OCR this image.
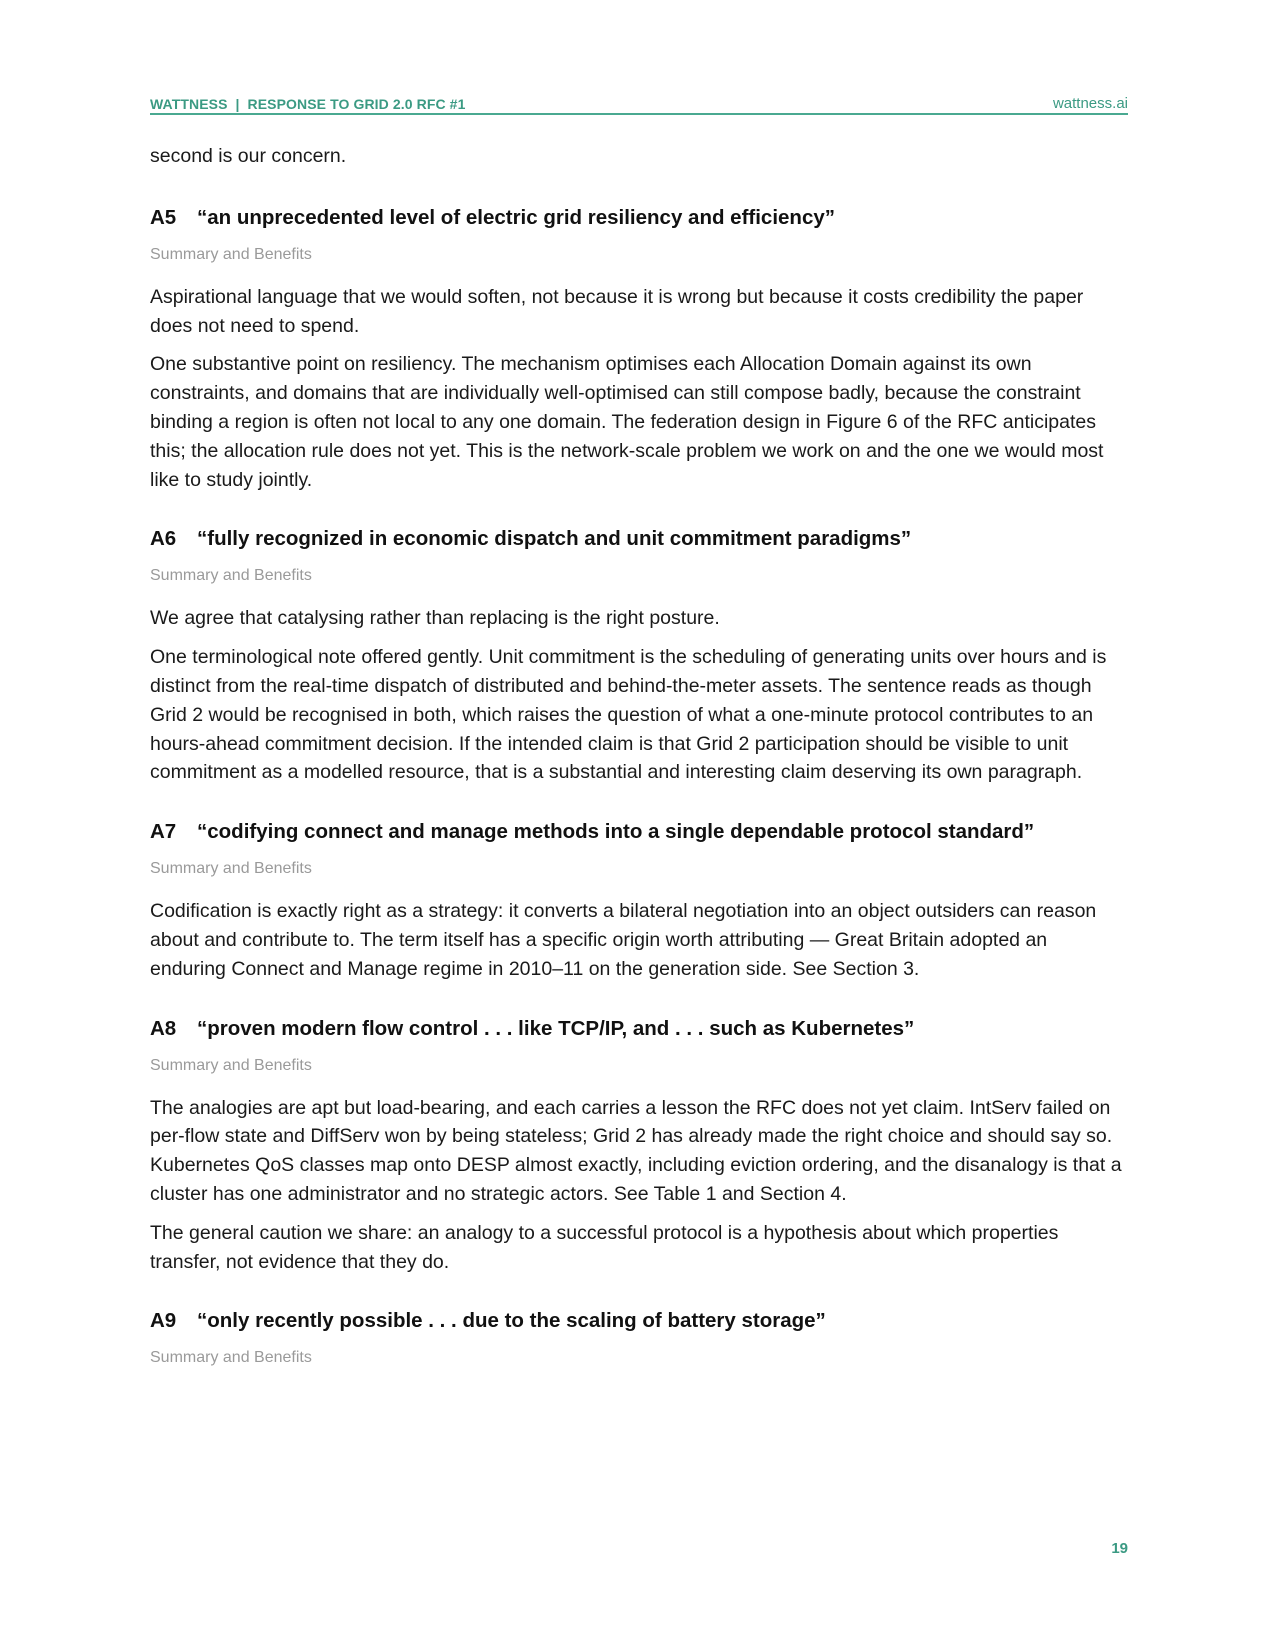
WATTNESS  |  RESPONSE TO GRID 2.0 RFC #1	wattness.ai

second is our concern.

A5	“an unprecedented level of electric grid resiliency and efficiency”
Summary and Benefits

Aspirational language that we would soften, not because it is wrong but because it costs credibility the paper does not need to spend.

One substantive point on resiliency. The mechanism optimises each Allocation Domain against its own constraints, and domains that are individually well-optimised can still compose badly, because the constraint binding a region is often not local to any one domain. The federation design in Figure 6 of the RFC anticipates this; the allocation rule does not yet. This is the network-scale problem we work on and the one we would most like to study jointly.

A6	“fully recognized in economic dispatch and unit commitment paradigms”
Summary and Benefits

We agree that catalysing rather than replacing is the right posture.

One terminological note offered gently. Unit commitment is the scheduling of generating units over hours and is distinct from the real-time dispatch of distributed and behind-the-meter assets. The sentence reads as though Grid 2 would be recognised in both, which raises the question of what a one-minute protocol contributes to an hours-ahead commitment decision. If the intended claim is that Grid 2 participation should be visible to unit commitment as a modelled resource, that is a substantial and interesting claim deserving its own paragraph.

A7	“codifying connect and manage methods into a single dependable protocol standard”
Summary and Benefits

Codification is exactly right as a strategy: it converts a bilateral negotiation into an object outsiders can reason about and contribute to. The term itself has a specific origin worth attributing — Great Britain adopted an enduring Connect and Manage regime in 2010–11 on the generation side. See Section 3.

A8	“proven modern flow control . . . like TCP/IP, and . . . such as Kubernetes”
Summary and Benefits

The analogies are apt but load-bearing, and each carries a lesson the RFC does not yet claim. IntServ failed on per-flow state and DiffServ won by being stateless; Grid 2 has already made the right choice and should say so. Kubernetes QoS classes map onto DESP almost exactly, including eviction ordering, and the disanalogy is that a cluster has one administrator and no strategic actors. See Table 1 and Section 4.

The general caution we share: an analogy to a successful protocol is a hypothesis about which properties transfer, not evidence that they do.

A9	“only recently possible . . . due to the scaling of battery storage”
Summary and Benefits
19
